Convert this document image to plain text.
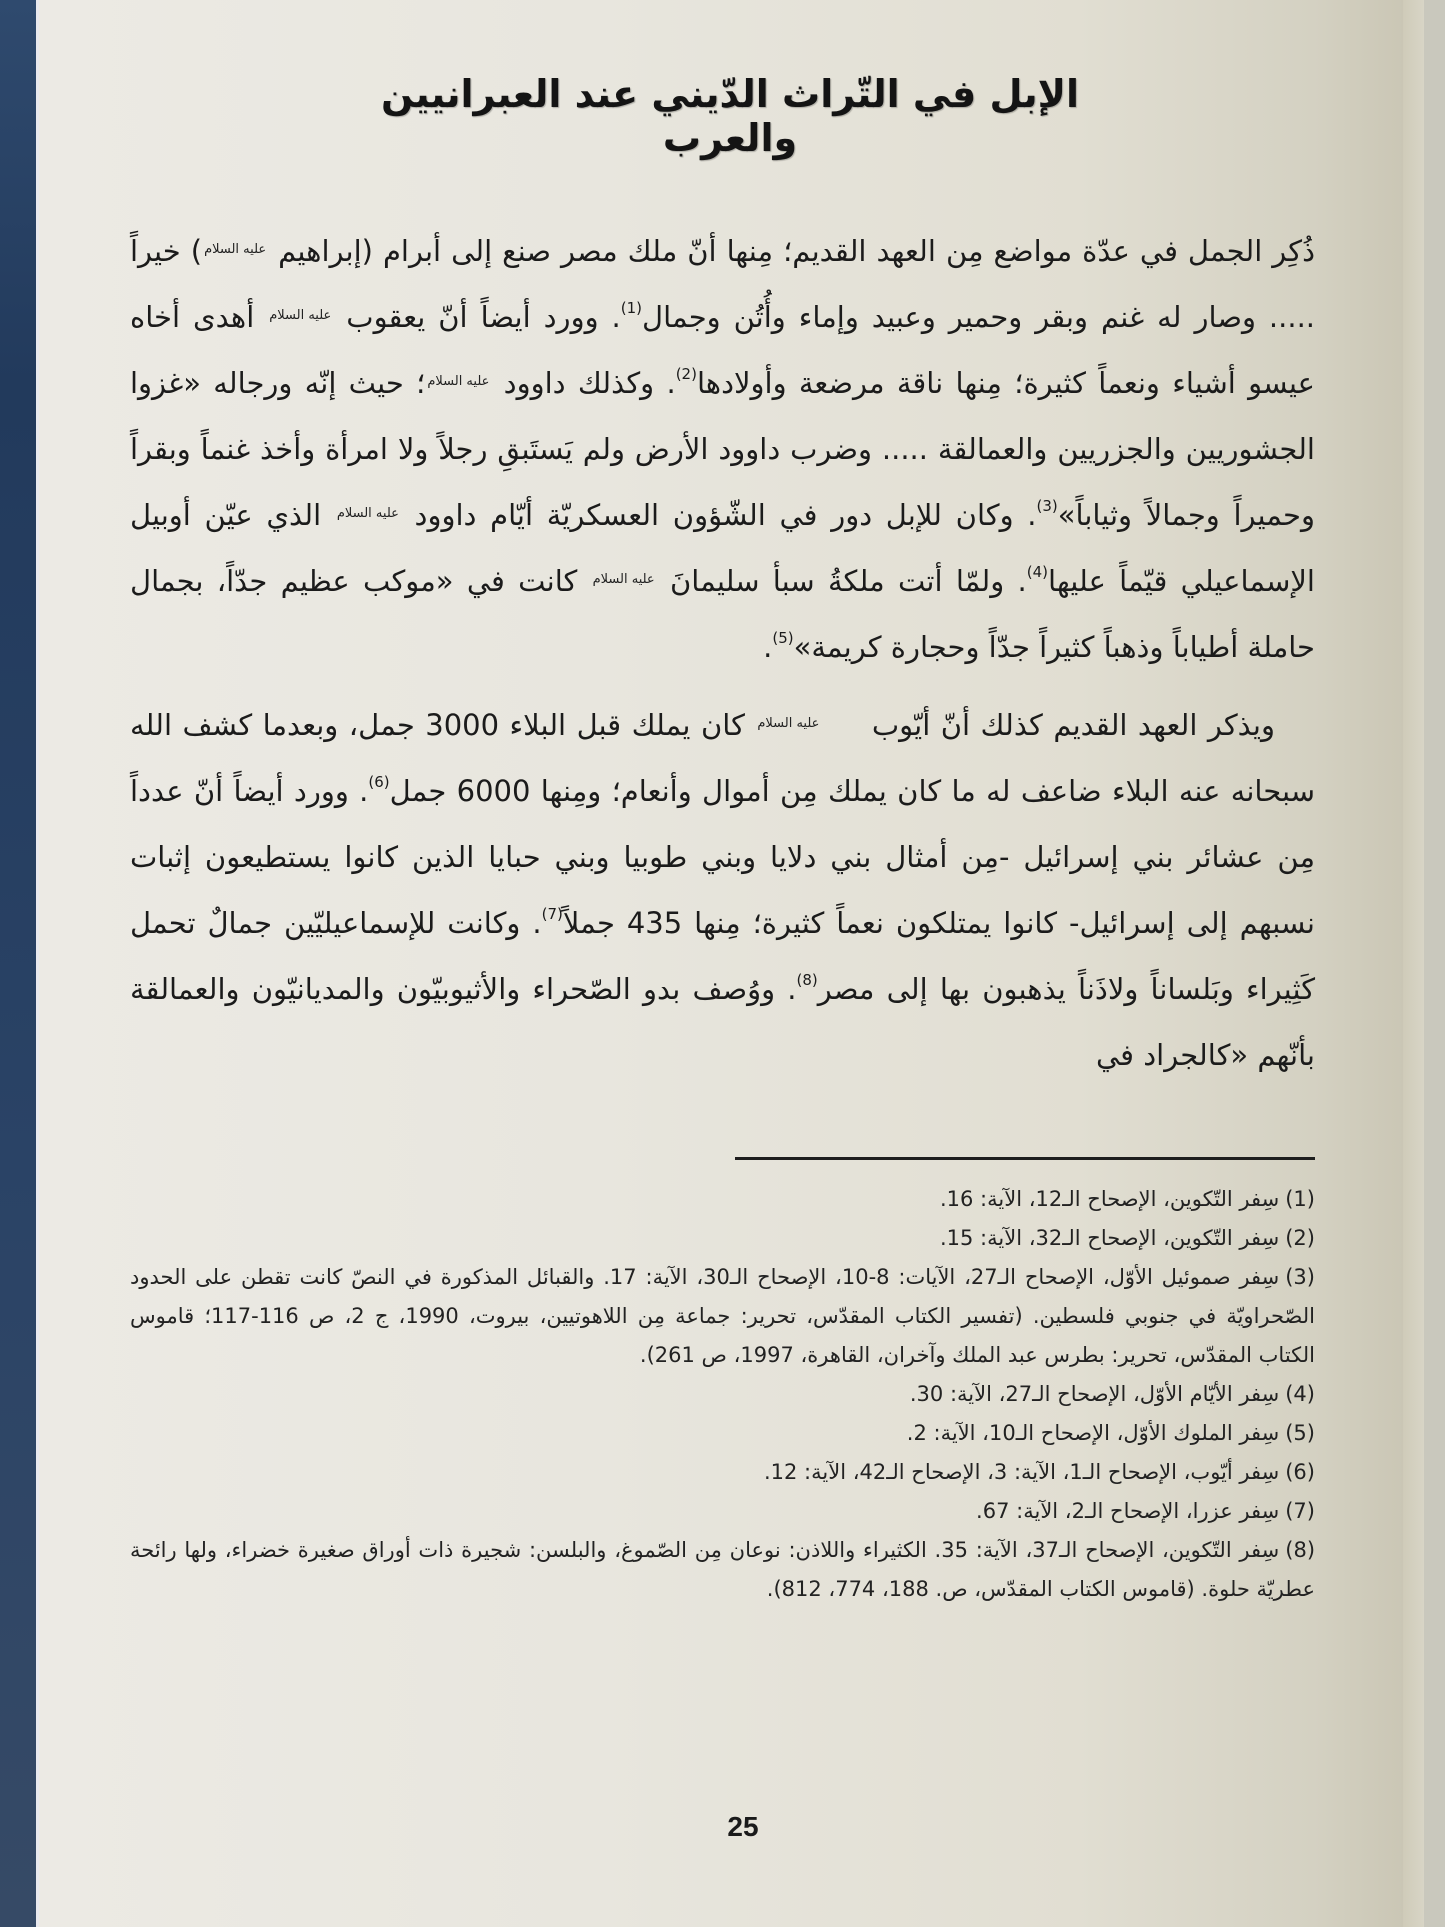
الإبل في التّراث الدّيني عند العبرانيين والعرب

ذُكِر الجمل في عدّة مواضع مِن العهد القديم؛ مِنها أنّ ملك مصر صنع إلى أبرام (إبراهيم عليه السلام) خيراً ..... وصار له غنم وبقر وحمير وعبيد وإماء وأُتُن وجمال$^{(1)}$. وورد أيضاً أنّ يعقوب عليه السلام أهدى أخاه عيسو أشياء ونعماً كثيرة؛ مِنها ناقة مرضعة وأولادها$^{(2)}$. وكذلك داوود عليه السلام؛ حيث إنّه ورجاله «غزوا الجشوريين والجزريين والعمالقة ..... وضرب داوود الأرض ولم يَستَبقِ رجلاً ولا امرأة وأخذ غنماً وبقراً وحميراً وجمالاً وثياباً»$^{(3)}$. وكان للإبل دور في الشّؤون العسكريّة أيّام داوود عليه السلام الذي عيّن أوبيل الإسماعيلي قيّماً عليها$^{(4)}$. ولمّا أتت ملكةُ سبأ سليمانَ عليه السلام كانت في «موكب عظيم جدّاً، بجمال حاملة أطياباً وذهباً كثيراً جدّاً وحجارة كريمة»$^{(5)}$.

ويذكر العهد القديم كذلك أنّ أيّوب عليه السلام كان يملك قبل البلاء 3000 جمل، وبعدما كشف الله سبحانه عنه البلاء ضاعف له ما كان يملك مِن أموال وأنعام؛ ومِنها 6000 جمل$^{(6)}$. وورد أيضاً أنّ عدداً مِن عشائر بني إسرائيل -مِن أمثال بني دلايا وبني طوبيا وبني حبايا الذين كانوا يستطيعون إثبات نسبهم إلى إسرائيل- كانوا يمتلكون نعماً كثيرة؛ مِنها 435 جملاً$^{(7)}$. وكانت للإسماعيليّين جمالٌ تحمل كَثِيراء وبَلساناً ولاذَناً يذهبون بها إلى مصر$^{(8)}$. ووُصف بدو الصّحراء والأثيوبيّون والمديانيّون والعمالقة بأنّهم «كالجراد في

(1)سِفر التّكوين، الإصحاح الـ12، الآية: 16.

(2)سِفر التّكوين، الإصحاح الـ32، الآية: 15.

(3)سِفر صموئيل الأوّل، الإصحاح الـ27، الآيات: 8-10، الإصحاح الـ30، الآية: 17. والقبائل المذكورة في النصّ كانت تقطن على الحدود الصّحراويّة في جنوبي فلسطين. (تفسير الكتاب المقدّس، تحرير: جماعة مِن اللاهوتيين، بيروت، 1990، ج 2، ص 116-117؛ قاموس الكتاب المقدّس، تحرير: بطرس عبد الملك وآخران، القاهرة، 1997، ص 261).

(4)سِفر الأيّام الأوّل، الإصحاح الـ27، الآية: 30.

(5)سِفر الملوك الأوّل، الإصحاح الـ10، الآية: 2.

(6)سِفر أيّوب، الإصحاح الـ1، الآية: 3، الإصحاح الـ42، الآية: 12.

(7)سِفر عزرا، الإصحاح الـ2، الآية: 67.

(8)سِفر التّكوين، الإصحاح الـ37، الآية: 35. الكثيراء واللاذن: نوعان مِن الصّموغ، والبلسن: شجيرة ذات أوراق صغيرة خضراء، ولها رائحة عطريّة حلوة. (قاموس الكتاب المقدّس، ص. 188، 774، 812).

25
